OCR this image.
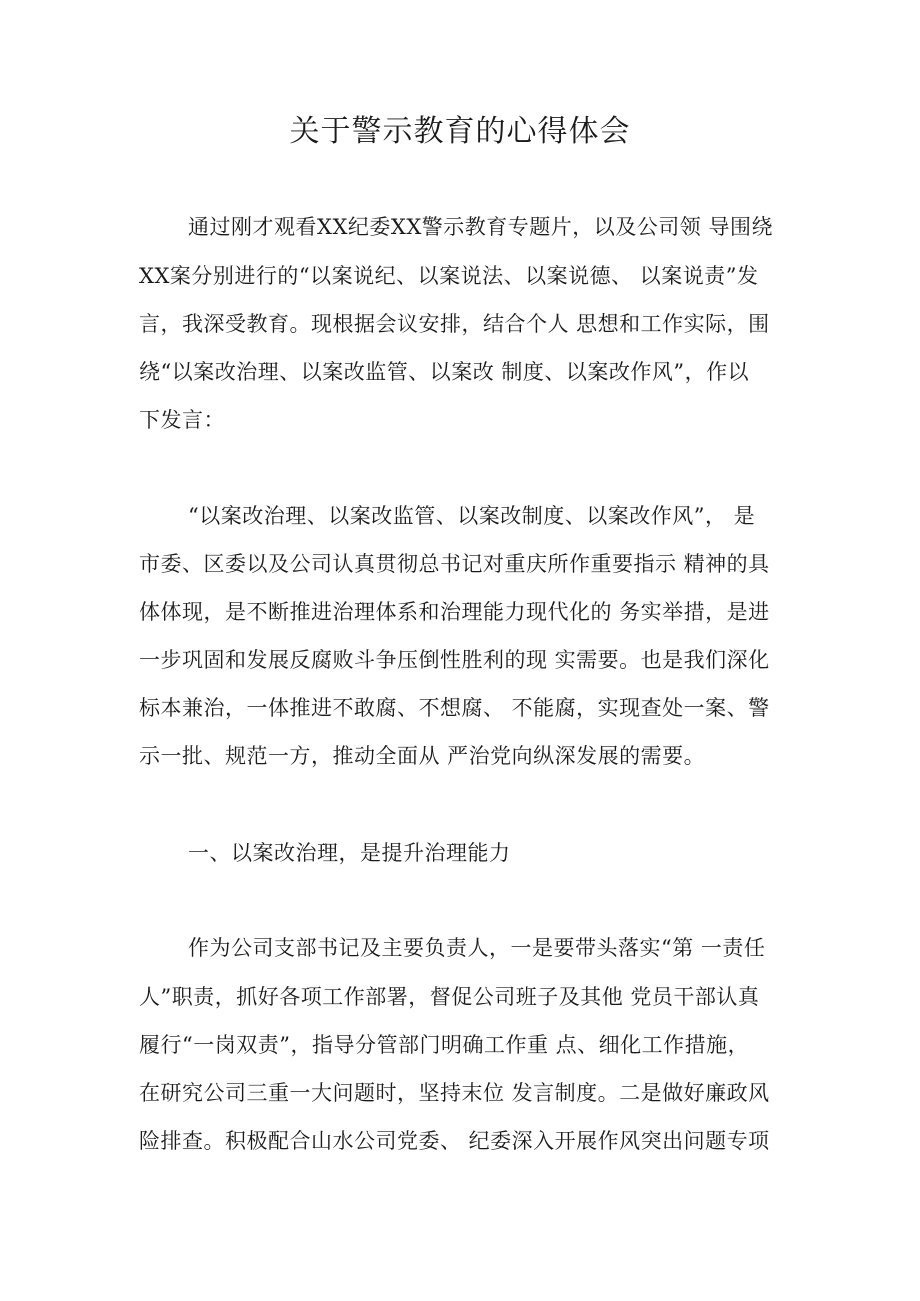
关于警示教育的心得体会

通过刚才观看XX纪委XX警示教育专题片，以及公司领 导围绕

XX案分别进行的“以案说纪、以案说法、以案说德、 以案说责”发

言，我深受教育。现根据会议安排，结合个人 思想和工作实际，围

绕“以案改治理、以案改监管、以案改 制度、以案改作风”，作以

下发言：

“以案改治理、以案改监管、以案改制度、以案改作风”， 是

市委、区委以及公司认真贯彻总书记对重庆所作重要指示 精神的具

体体现，是不断推进治理体系和治理能力现代化的 务实举措，是进

一步巩固和发展反腐败斗争压倒性胜利的现 实需要。也是我们深化

标本兼治，一体推进不敢腐、不想腐、 不能腐，实现查处一案、警

示一批、规范一方，推动全面从 严治党向纵深发展的需要。

一、以案改治理，是提升治理能力

作为公司支部书记及主要负责人，一是要带头落实“第 一责任

人”职责，抓好各项工作部署，督促公司班子及其他 党员干部认真

履行“一岗双责”，指导分管部门明确工作重 点、细化工作措施，

在研究公司三重一大问题时，坚持末位 发言制度。二是做好廉政风

险排查。积极配合山水公司党委、 纪委深入开展作风突出问题专项
